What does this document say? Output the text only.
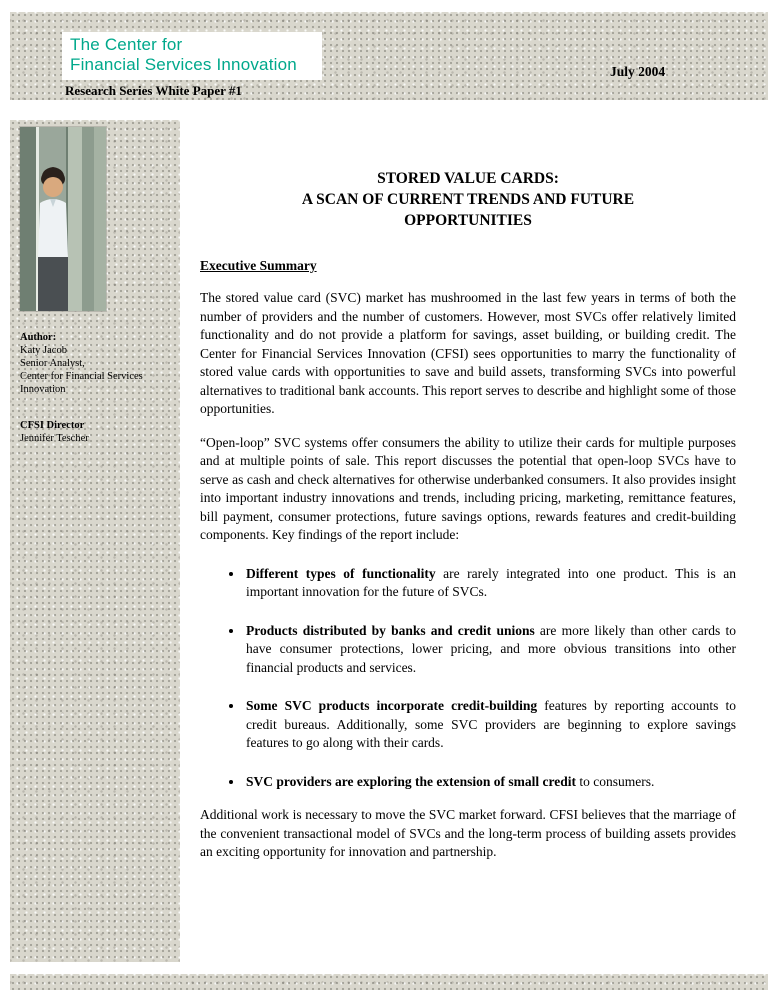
The Center for
Financial Services Innovation
Research Series White Paper #1
July 2004
Author:
Katy Jacob
Senior Analyst,
Center for Financial Services
Innovation
CFSI Director
Jennifer Tescher
STORED VALUE CARDS:
A SCAN OF CURRENT TRENDS AND FUTURE
OPPORTUNITIES
Executive Summary

The stored value card (SVC) market has mushroomed in the last few years in terms of both the number of providers and the number of customers. However, most SVCs offer relatively limited functionality and do not provide a platform for savings, asset building, or building credit. The Center for Financial Services Innovation (CFSI) sees opportunities to marry the functionality of stored value cards with opportunities to save and build assets, transforming SVCs into powerful alternatives to traditional bank accounts. This report serves to describe and highlight some of those opportunities.

“Open-loop” SVC systems offer consumers the ability to utilize their cards for multiple purposes and at multiple points of sale. This report discusses the potential that open-loop SVCs have to serve as cash and check alternatives for otherwise underbanked consumers. It also provides insight into important industry innovations and trends, including pricing, marketing, remittance features, bill payment, consumer protections, future savings options, rewards features and credit-building components. Key findings of the report include:

• Different types of functionality are rarely integrated into one product. This is an important innovation for the future of SVCs.
• Products distributed by banks and credit unions are more likely than other cards to have consumer protections, lower pricing, and more obvious transitions into other financial products and services.
• Some SVC products incorporate credit-building features by reporting accounts to credit bureaus. Additionally, some SVC providers are beginning to explore savings features to go along with their cards.
• SVC providers are exploring the extension of small credit to consumers.

Additional work is necessary to move the SVC market forward. CFSI believes that the marriage of the convenient transactional model of SVCs and the long-term process of building assets provides an exciting opportunity for innovation and partnership.
